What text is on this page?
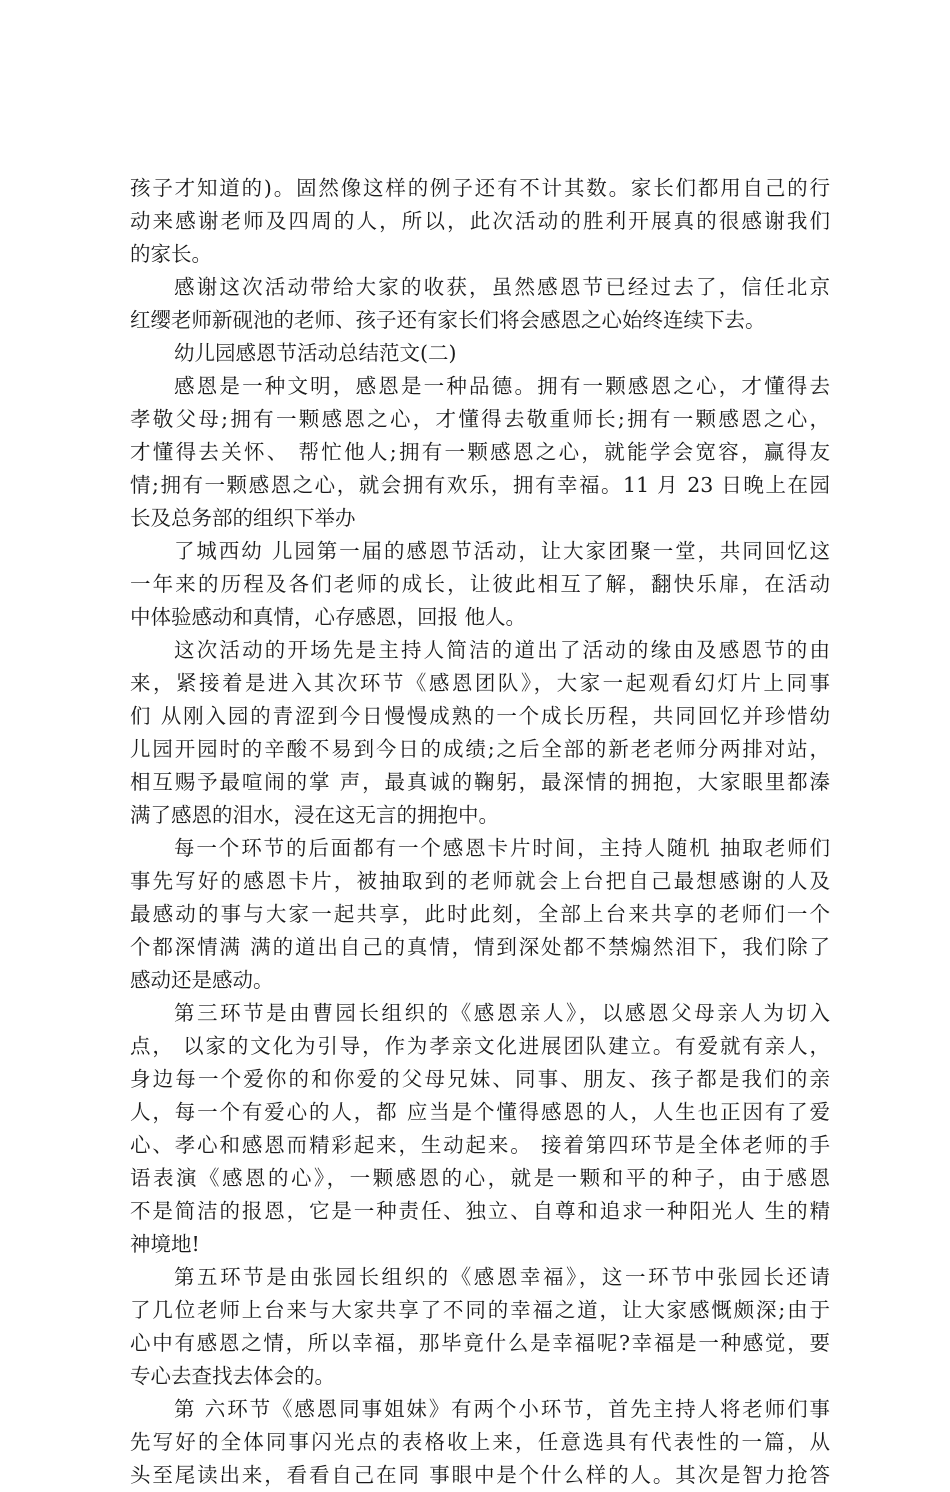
孩子才知道的)。固然像这样的例子还有不计其数。家长们都用自己的行
动来感谢老师及四周的人，所以，此次活动的胜利开展真的很感谢我们
的家长。
感谢这次活动带给大家的收获，虽然感恩节已经过去了，信任北京
红缨老师新砚池的老师、孩子还有家长们将会感恩之心始终连续下去。
幼儿园感恩节活动总结范文(二)
感恩是一种文明，感恩是一种品德。拥有一颗感恩之心，才懂得去
孝敬父母;拥有一颗感恩之心，才懂得去敬重师长;拥有一颗感恩之心，
才懂得去关怀、 帮忙他人;拥有一颗感恩之心，就能学会宽容，赢得友
情;拥有一颗感恩之心，就会拥有欢乐，拥有幸福。11 月 23 日晚上在园
长及总务部的组织下举办
了城西幼 儿园第一届的感恩节活动，让大家团聚一堂，共同回忆这
一年来的历程及各们老师的成长，让彼此相互了解，翻快乐扉，在活动
中体验感动和真情，心存感恩，回报 他人。
这次活动的开场先是主持人简洁的道出了活动的缘由及感恩节的由
来，紧接着是进入其次环节《感恩团队》，大家一起观看幻灯片上同事
们 从刚入园的青涩到今日慢慢成熟的一个成长历程，共同回忆并珍惜幼
儿园开园时的辛酸不易到今日的成绩;之后全部的新老老师分两排对站，
相互赐予最喧闹的掌 声，最真诚的鞠躬，最深情的拥抱，大家眼里都溱
满了感恩的泪水，浸在这无言的拥抱中。
每一个环节的后面都有一个感恩卡片时间，主持人随机 抽取老师们
事先写好的感恩卡片，被抽取到的老师就会上台把自己最想感谢的人及
最感动的事与大家一起共享，此时此刻，全部上台来共享的老师们一个
个都深情满 满的道出自己的真情，情到深处都不禁煽然泪下，我们除了
感动还是感动。
第三环节是由曹园长组织的《感恩亲人》，以感恩父母亲人为切入
点， 以家的文化为引导，作为孝亲文化进展团队建立。有爱就有亲人，
身边每一个爱你的和你爱的父母兄妹、同事、朋友、孩子都是我们的亲
人，每一个有爱心的人，都 应当是个懂得感恩的人，人生也正因有了爱
心、孝心和感恩而精彩起来，生动起来。 接着第四环节是全体老师的手
语表演《感恩的心》，一颗感恩的心，就是一颗和平的种子，由于感恩
不是简洁的报恩，它是一种责任、独立、自尊和追求一种阳光人 生的精
神境地!
第五环节是由张园长组织的《感恩幸福》，这一环节中张园长还请
了几位老师上台来与大家共享了不同的幸福之道，让大家感慨颇深;由于
心中有感恩之情，所以幸福，那毕竟什么是幸福呢?幸福是一种感觉，要
专心去查找去体会的。
第 六环节《感恩同事姐妹》有两个小环节，首先主持人将老师们事
先写好的全体同事闪光点的表格收上来，任意选具有代表性的一篇，从
头至尾读出来，看看自己在同 事眼中是个什么样的人。其次是智力抢答
